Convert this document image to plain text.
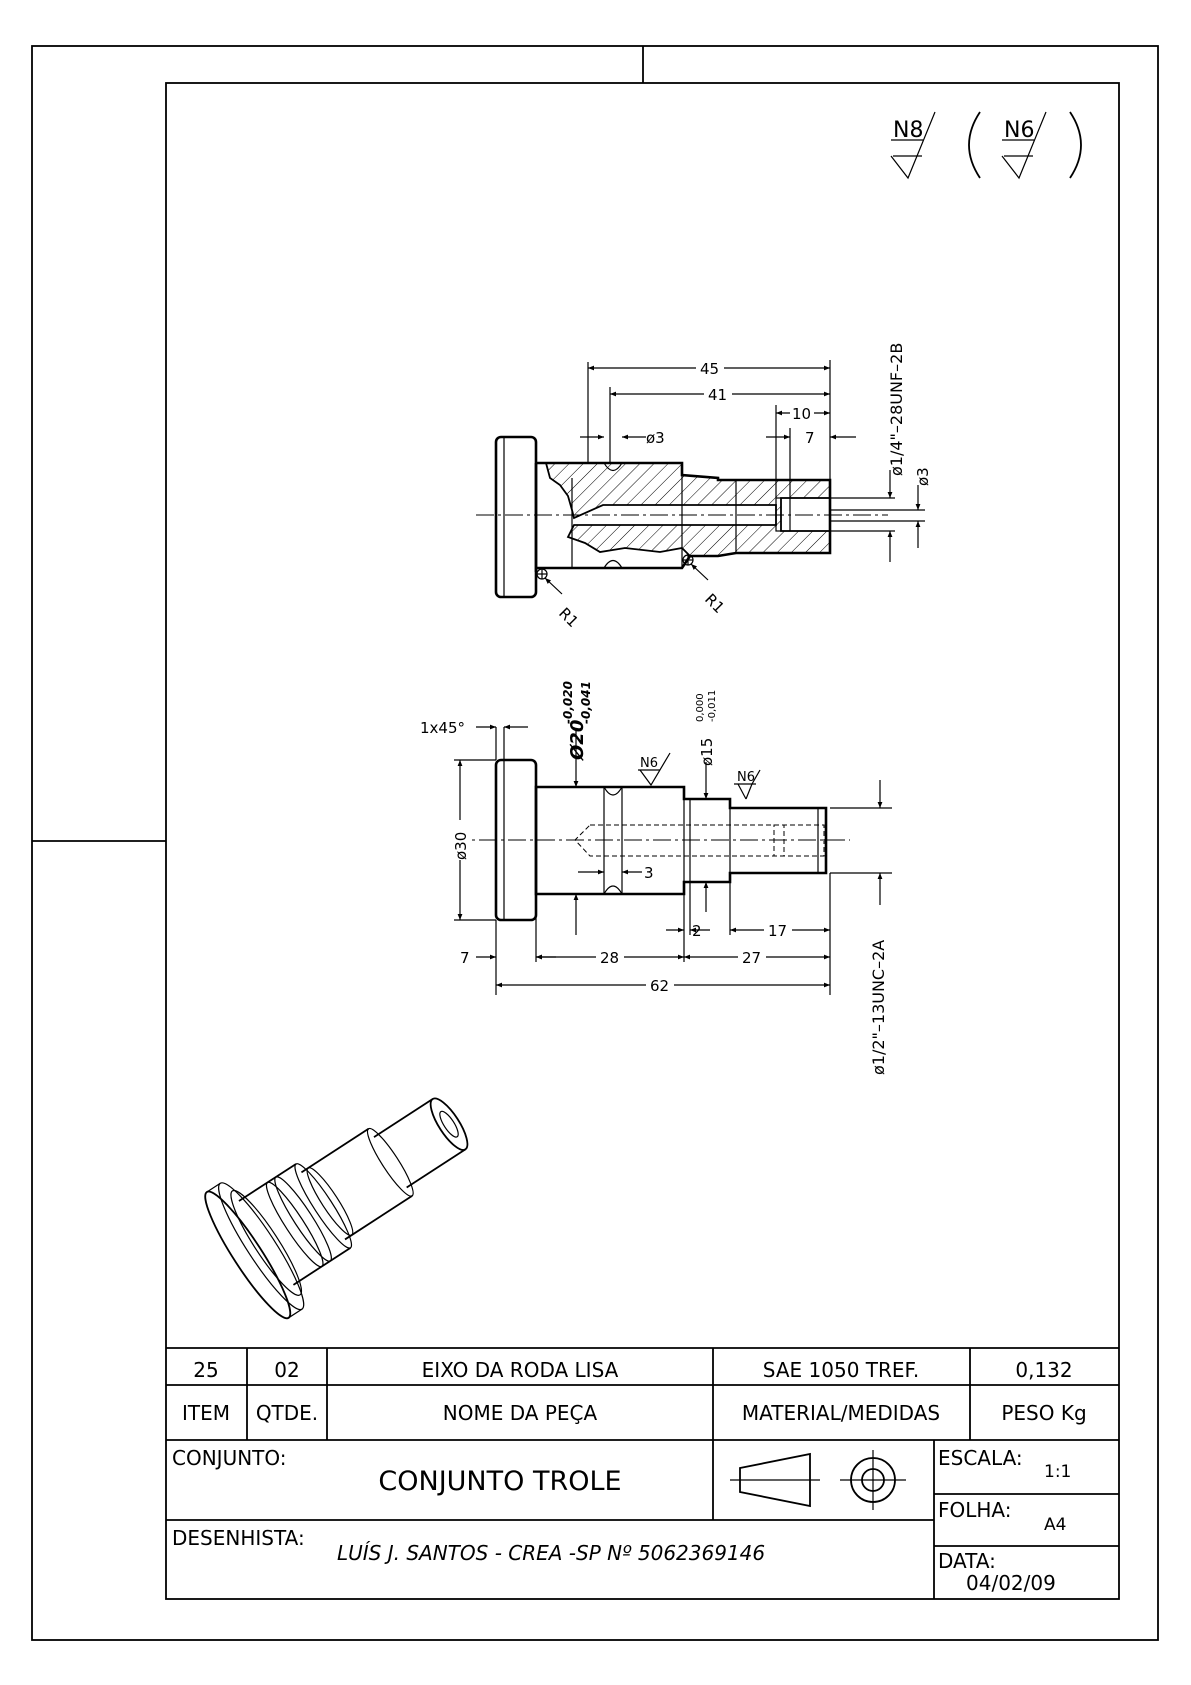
N8	N6
R1
R1
45
41
10
7
ø3	ø1/4"–28UNF–2B
ø3
1x45°	Ø20
-0,020 -0,041
N6	ø15
0,000 -0,011
N6
ø30
3
2	17
7	28	27
62	ø1/2"–13UNC–2A
25	02	EIXO DA RODA LISA	SAE 1050 TREF.	0,132
ITEM QTDE.	NOME DA PEÇA	MATERIAL/MEDIDAS	PESO Kg
CONJUNTO:
CONJUNTO TROLE
ESCALA:
1:1
FOLHA:
A4
DESENHISTA:
LUÍS J. SANTOS - CREA -SP Nº 5062369146	DATA:
04/02/09
